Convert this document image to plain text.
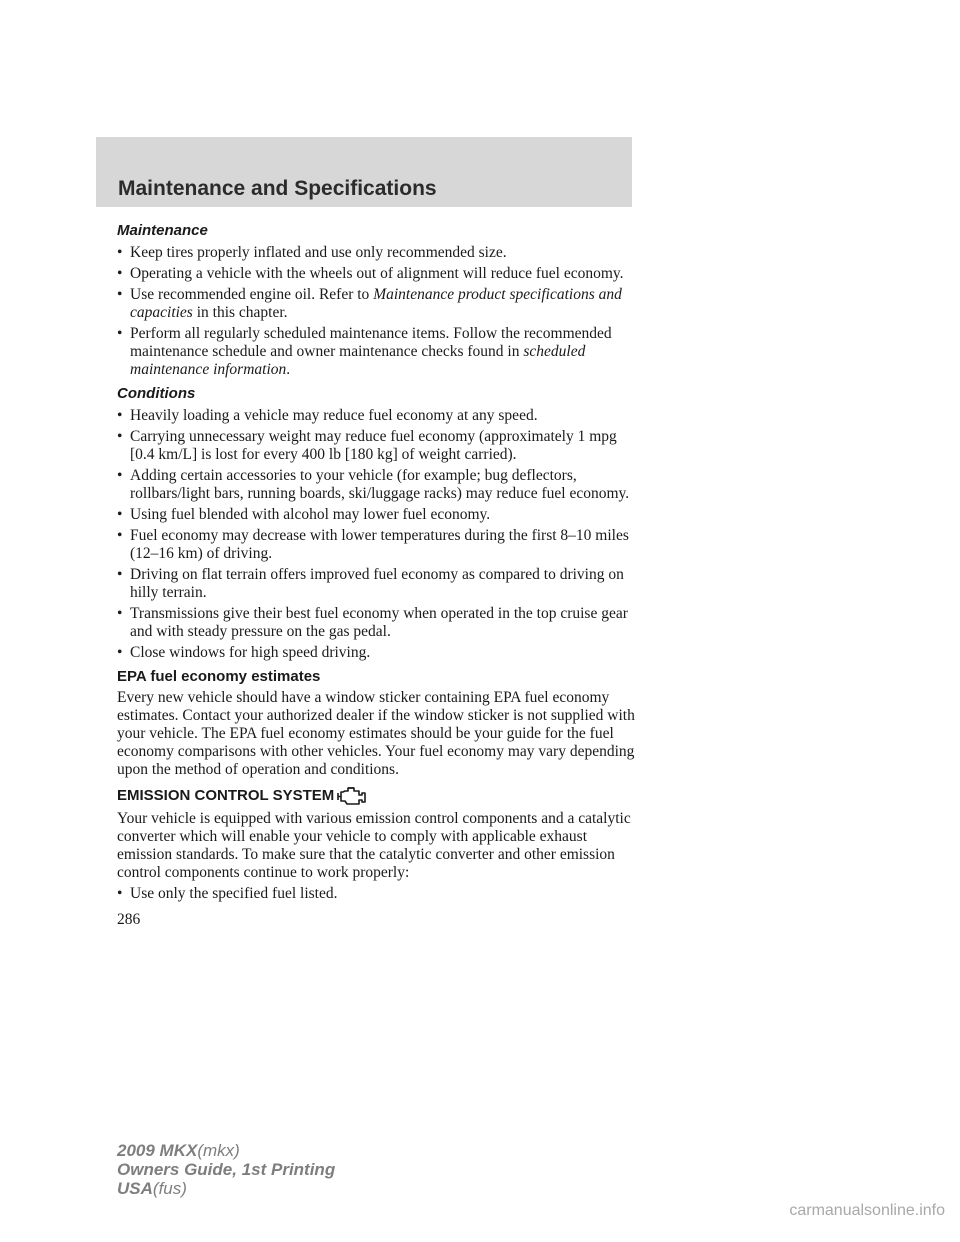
Maintenance and Specifications
Maintenance
• Keep tires properly inflated and use only recommended size.
• Operating a vehicle with the wheels out of alignment will reduce fuel economy.
• Use recommended engine oil. Refer to Maintenance product specifications and capacities in this chapter.
• Perform all regularly scheduled maintenance items. Follow the recommended maintenance schedule and owner maintenance checks found in scheduled maintenance information.
Conditions
• Heavily loading a vehicle may reduce fuel economy at any speed.
• Carrying unnecessary weight may reduce fuel economy (approximately 1 mpg [0.4 km/L] is lost for every 400 lb [180 kg] of weight carried).
• Adding certain accessories to your vehicle (for example; bug deflectors, rollbars/light bars, running boards, ski/luggage racks) may reduce fuel economy.
• Using fuel blended with alcohol may lower fuel economy.
• Fuel economy may decrease with lower temperatures during the first 8–10 miles (12–16 km) of driving.
• Driving on flat terrain offers improved fuel economy as compared to driving on hilly terrain.
• Transmissions give their best fuel economy when operated in the top cruise gear and with steady pressure on the gas pedal.
• Close windows for high speed driving.
EPA fuel economy estimates

Every new vehicle should have a window sticker containing EPA fuel economy estimates. Contact your authorized dealer if the window sticker is not supplied with your vehicle. The EPA fuel economy estimates should be your guide for the fuel economy comparisons with other vehicles. Your fuel economy may vary depending upon the method of operation and conditions.

EMISSION CONTROL SYSTEM

Your vehicle is equipped with various emission control components and a catalytic converter which will enable your vehicle to comply with applicable exhaust emission standards. To make sure that the catalytic converter and other emission control components continue to work properly:

• Use only the specified fuel listed.
286
2009 MKX(mkx)
Owners Guide, 1st Printing
USA(fus)
carmanualsonline.info
